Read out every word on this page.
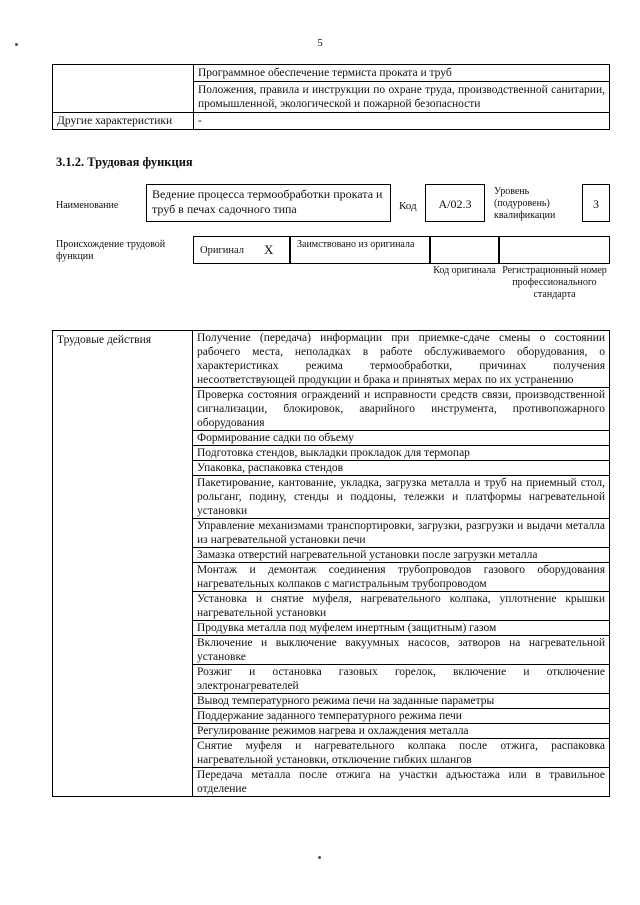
5
	Программное обеспечение термиста проката и труб
	Положения, правила и инструкции по охране труда, производственной санитарии, промышленной, экологической и пожарной безопасности
Другие характеристики	-
3.1.2. Трудовая функция
Наименование
Ведение процесса термообработки проката и труб в печах садочного типа	Код	А/02.3
Уровень (подуровень) квалификации
3
Происхождение трудовой функции
Оригинал X Заимствовано из оригинала
Код оригинала Регистрационный номер профессионального стандарта
Трудовые действия	Получение (передача) информации при приемке-сдаче смены о состоянии рабочего места, неполадках в работе обслуживаемого оборудования, о характеристиках режима термообработки, причинах получения несоответствующей продукции и брака и принятых мерах по их устранению
Проверка состояния ограждений и исправности средств связи, производственной сигнализации, блокировок, аварийного инструмента, противопожарного оборудования
Формирование садки по объему
Подготовка стендов, выкладки прокладок для термопар
Упаковка, распаковка стендов
Пакетирование, кантование, укладка, загрузка металла и труб на приемный стол, рольганг, подину, стенды и поддоны, тележки и платформы нагревательной установки
Управление механизмами транспортировки, загрузки, разгрузки и выдачи металла из нагревательной установки печи
Замазка отверстий нагревательной установки после загрузки металла
Монтаж и демонтаж соединения трубопроводов газового оборудования нагревательных колпаков с магистральным трубопроводом
Установка и снятие муфеля, нагревательного колпака, уплотнение крышки нагревательной установки
Продувка металла под муфелем инертным (защитным) газом
Включение и выключение вакуумных насосов, затворов на нагревательной установке
Розжиг и остановка газовых горелок, включение и отключение электронагревателей
Вывод температурного режима печи на заданные параметры
Поддержание заданного температурного режима печи
Регулирование режимов нагрева и охлаждения металла
Снятие муфеля и нагревательного колпака после отжига, распаковка нагревательной установки, отключение гибких шлангов
Передача металла после отжига на участки адъюстажа или в травильное отделение
